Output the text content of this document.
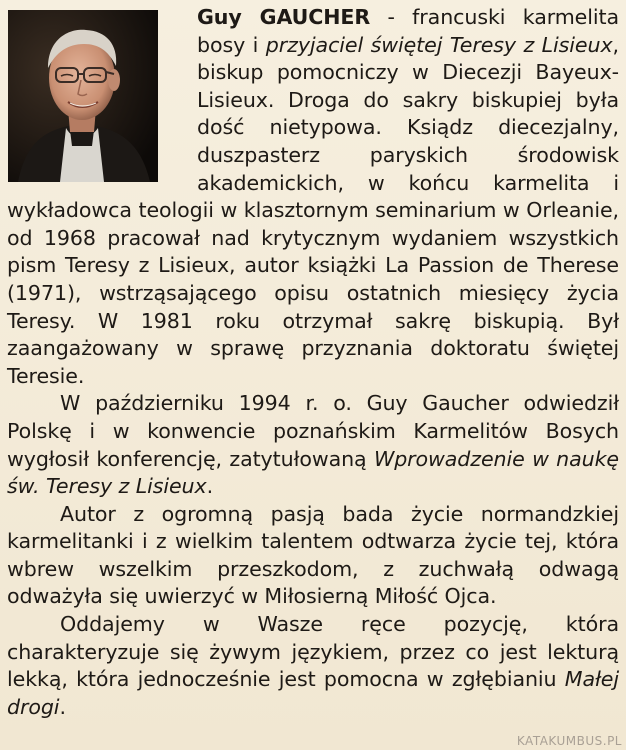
Guy GAUCHER - francuski karmelita bosy i przyjaciel świętej Teresy z Lisieux, biskup pomocniczy w Diecezji Bayeux-Lisieux. Droga do sakry biskupiej była dość nietypowa. Ksiądz diecezjalny, duszpasterz paryskich środowisk akademickich, w końcu karmelita i wykładowca teologii w klasztornym seminarium w Orleanie, od 1968 pracował nad krytycznym wydaniem wszystkich pism Teresy z Lisieux, autor książki La Passion de Therese (1971), wstrząsającego opisu ostatnich miesięcy życia Teresy. W 1981 roku otrzymał sakrę biskupią. Był zaangażowany w sprawę przyznania doktoratu świętej Teresie.

W październiku 1994 r. o. Guy Gaucher odwiedził Polskę i w konwencie poznańskim Karmelitów Bosych wygłosił konferencję, zatytułowaną Wprowadzenie w naukę św. Teresy z Lisieux.

Autor z ogromną pasją bada życie normandzkiej karmelitanki i z wielkim talentem odtwarza życie tej, która wbrew wszelkim przeszkodom, z zuchwałą odwagą odważyła się uwierzyć w Miłosierną Miłość Ojca.

Oddajemy w Wasze ręce pozycję, która charakteryzuje się żywym językiem, przez co jest lekturą lekką, która jednocześnie jest pomocna w zgłębianiu Małej drogi.

KATAKUMBUS.PL
